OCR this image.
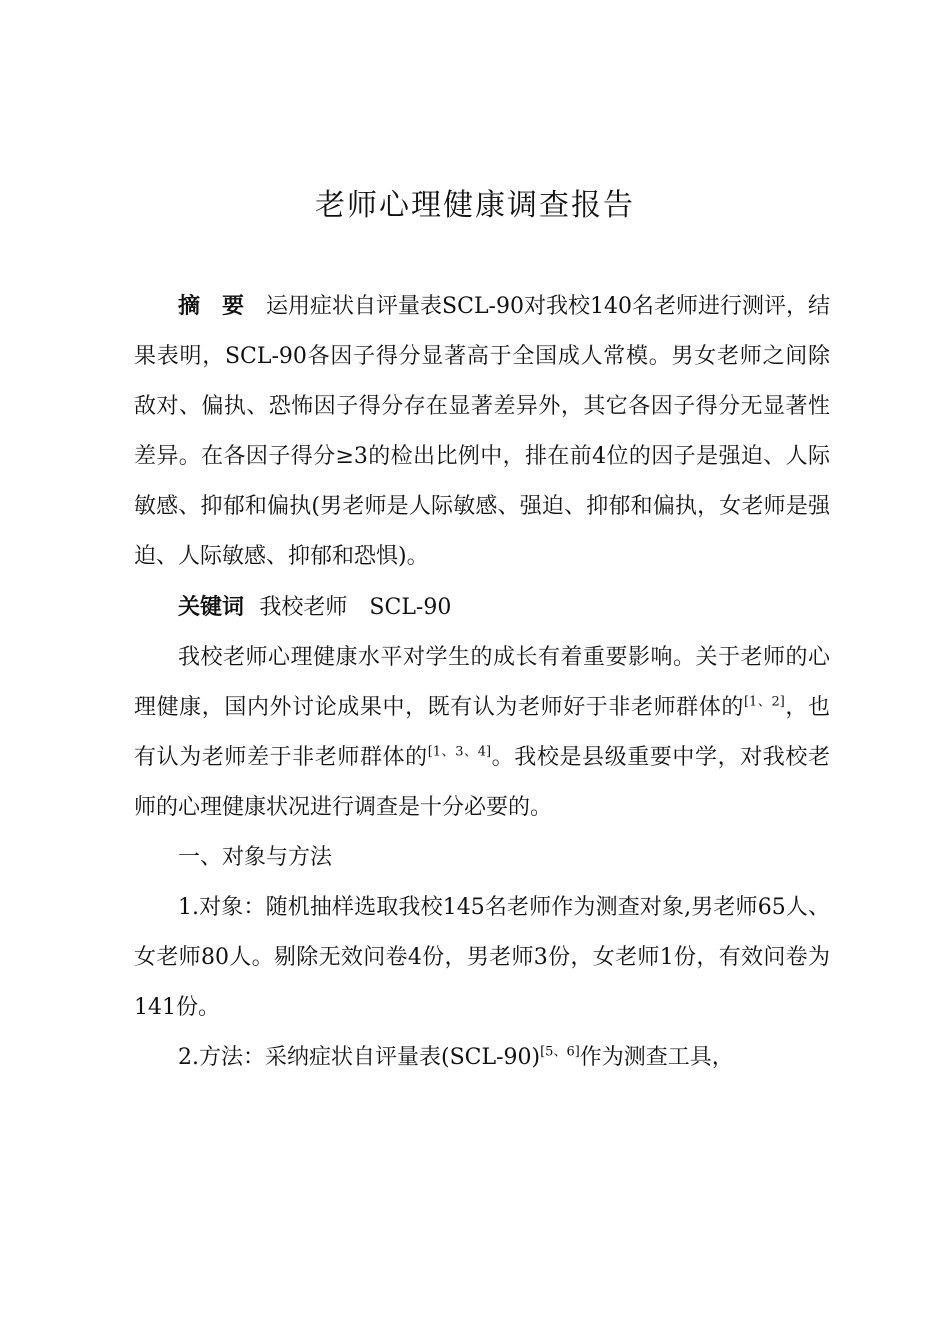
老师心理健康调查报告

摘 要 运用症状自评量表SCL-90对我校140名老师进行测评，结果表明，SCL-90各因子得分显著高于全国成人常模。男女老师之间除敌对、偏执、恐怖因子得分存在显著差异外，其它各因子得分无显著性差异。在各因子得分≥3的检出比例中，排在前4位的因子是强迫、人际敏感、抑郁和偏执(男老师是人际敏感、强迫、抑郁和偏执，女老师是强迫、人际敏感、抑郁和恐惧)。

关键词 我校老师 SCL-90

我校老师心理健康水平对学生的成长有着重要影响。关于老师的心理健康，国内外讨论成果中，既有认为老师好于非老师群体的[1、2]，也有认为老师差于非老师群体的[1、3、4]。我校是县级重要中学，对我校老师的心理健康状况进行调查是十分必要的。

一、对象与方法

1.对象：随机抽样选取我校145名老师作为测查对象,男老师65人、女老师80人。剔除无效问卷4份，男老师3份，女老师1份，有效问卷为141份。

2.方法：采纳症状自评量表(SCL-90)[5、6]作为测查工具，
